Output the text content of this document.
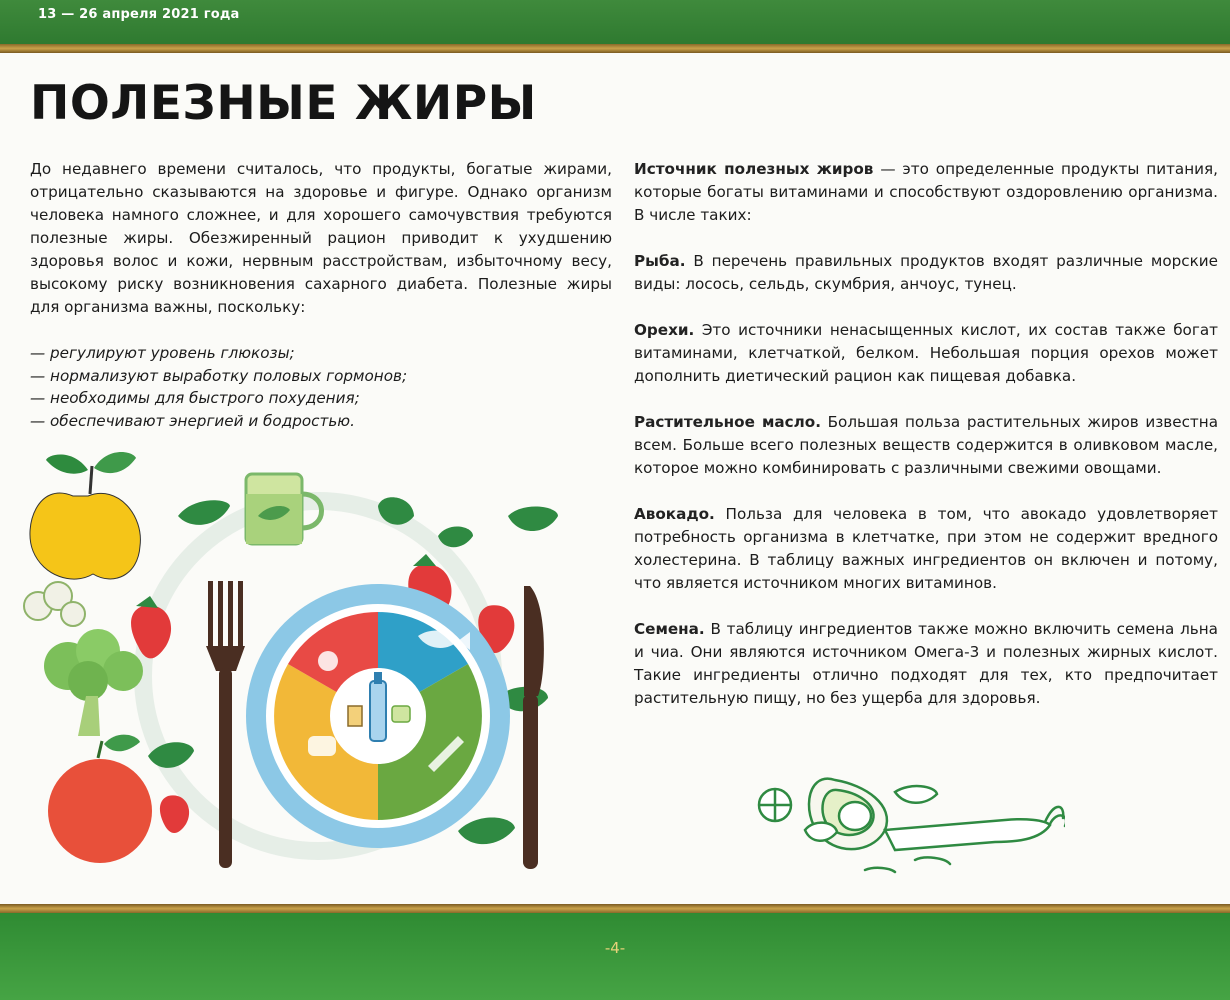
13 — 26 апреля 2021 года
ПОЛЕЗНЫЕ ЖИРЫ

До недавнего времени считалось, что продукты, богатые жирами, отрицательно сказываются на здоровье и фигуре. Однако организм человека намного сложнее, и для хорошего самочувствия требуются полезные жиры. Обезжиренный рацион приводит к ухудшению здоровья волос и кожи, нервным расстройствам, избыточному весу, высокому риску возникновения сахарного диабета. Полезные жиры для организма важны, поскольку:

— регулируют уровень глюкозы;
— нормализуют выработку половых гормонов;
— необходимы для быстрого похудения;
— обеспечивают энергией и бодростью.

Источник полезных жиров — это определенные продукты питания, которые богаты витаминами и способствуют оздоровлению организма. В числе таких:

Рыба. В перечень правильных продуктов входят различные морские виды: лосось, сельдь, скумбрия, анчоус, тунец.

Орехи. Это источники ненасыщенных кислот, их состав также богат витаминами, клетчаткой, белком. Небольшая порция орехов может дополнить диетический рацион как пищевая добавка.

Растительное масло. Большая польза растительных жиров известна всем. Больше всего полезных веществ содержится в оливковом масле, которое можно комбинировать с различными свежими овощами.

Авокадо. Польза для человека в том, что авокадо удовлетворяет потребность организма в клетчатке, при этом не содержит вредного холестерина. В таблицу важных ингредиентов он включен и потому, что является источником многих витаминов.

Семена. В таблицу ингредиентов также можно включить семена льна и чиа. Они являются источником Омега-3 и полезных жирных кислот. Такие ингредиенты отлично подходят для тех, кто предпочитает растительную пищу, но без ущерба для здоровья.

-4-
